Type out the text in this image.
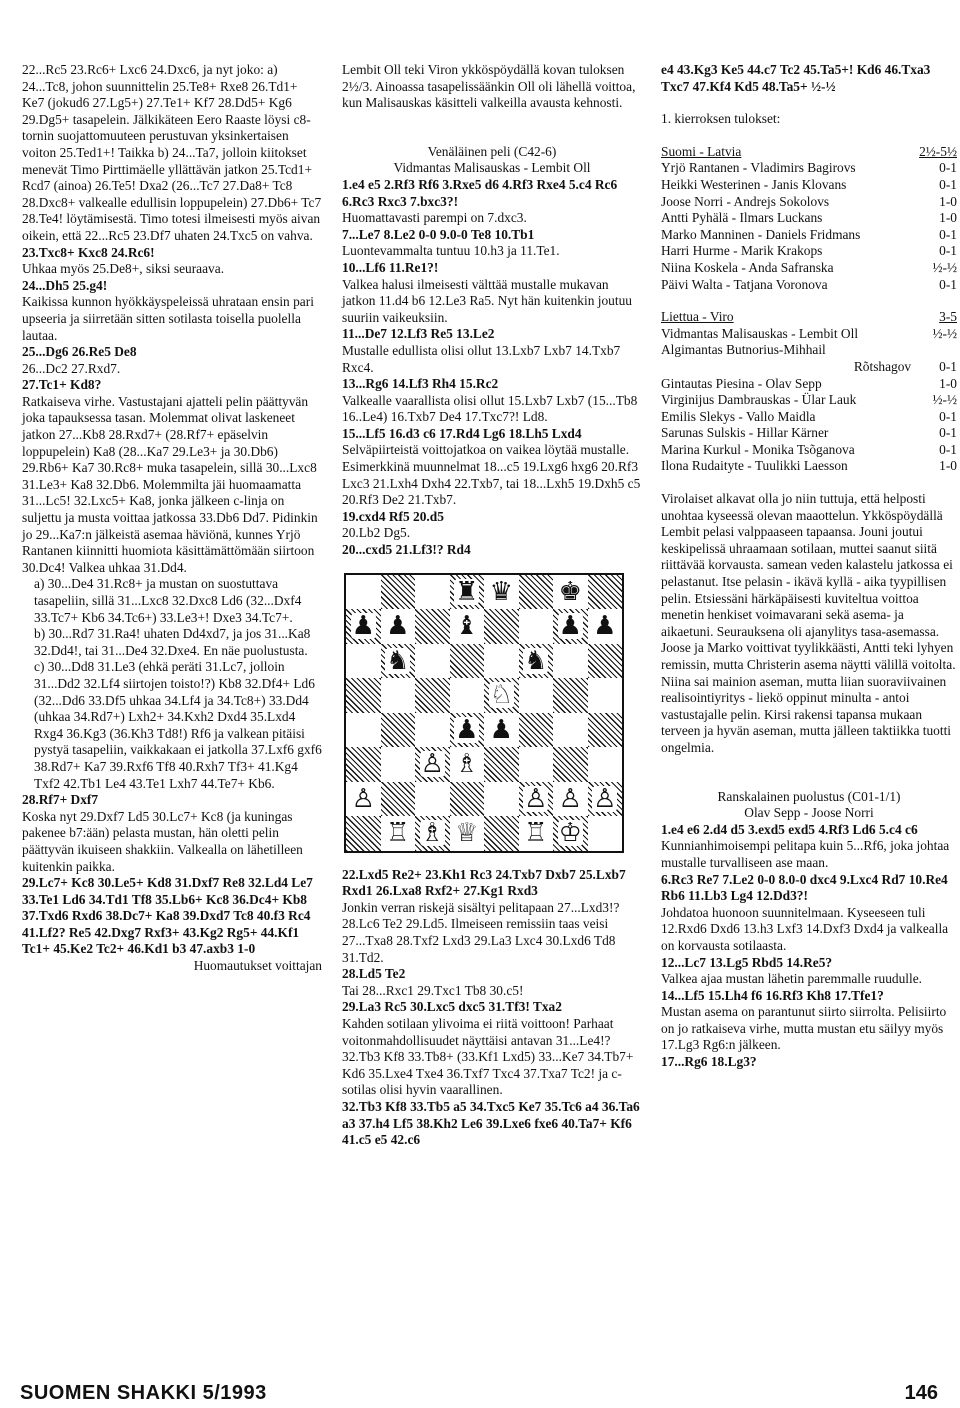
22...Rc5 23.Rc6+ Lxc6 24.Dxc6, ja nyt joko: a) 24...Tc8, johon suunnittelin 25.Te8+ Rxe8 26.Td1+ Ke7 (jokud6 27.Lg5+) 27.Te1+ Kf7 28.Dd5+ Kg6 29.Dg5+ tasapelein. Jälkikäteen Eero Raaste löysi c8-tornin suojattomuuteen perustuvan yksinkertaisen voiton 25.Ted1+! Taikka b) 24...Ta7, jolloin kiitokset menevät Timo Pirttimäelle yllättävän jatkon 25.Tcd1+ Rcd7 (ainoa) 26.Te5! Dxa2 (26...Tc7 27.Da8+ Tc8 28.Dxc8+ valkealle edullisin loppupelein) 27.Db6+ Tc7 28.Te4! löytämisestä. Timo totesi ilmeisesti myös aivan oikein, että 22...Rc5 23.Df7 uhaten 24.Txc5 on vahva.

23.Txc8+ Kxc8 24.Rc6!

Uhkaa myös 25.De8+, siksi seuraava.

24...Dh5 25.g4!

Kaikissa kunnon hyökkäyspeleissä uhrataan ensin pari upseeria ja siirretään sitten sotilasta toisella puolella lautaa.

25...Dg6 26.Re5 De8

26...Dc2 27.Rxd7.

27.Tc1+ Kd8?

Ratkaiseva virhe. Vastustajani ajatteli pelin päättyvän joka tapauksessa tasan. Molemmat olivat laskeneet jatkon 27...Kb8 28.Rxd7+ (28.Rf7+ epäselvin loppupelein) Ka8 (28...Ka7 29.Le3+ ja 30.Db6) 29.Rb6+ Ka7 30.Rc8+ muka tasapelein, sillä 30...Lxc8 31.Le3+ Ka8 32.Db6. Molemmilta jäi huomaamatta 31...Lc5! 32.Lxc5+ Ka8, jonka jälkeen c-linja on suljettu ja musta voittaa jatkossa 33.Db6 Dd7. Pidinkin jo 29...Ka7:n jälkeistä asemaa häviönä, kunnes Yrjö Rantanen kiinnitti huomiota käsittämättömään siirtoon 30.Dc4! Valkea uhkaa 31.Dd4.

a) 30...De4 31.Rc8+ ja mustan on suostuttava tasapeliin, sillä 31...Lxc8 32.Dxc8 Ld6 (32...Dxf4 33.Tc7+ Kb6 34.Tc6+) 33.Le3+! Dxe3 34.Tc7+.

b) 30...Rd7 31.Ra4! uhaten Dd4xd7, ja jos 31...Ka8 32.Dd4!, tai 31...De4 32.Dxe4. En näe puolustusta.

c) 30...Dd8 31.Le3 (ehkä peräti 31.Lc7, jolloin 31...Dd2 32.Lf4 siirtojen toisto!?) Kb8 32.Df4+ Ld6 (32...Dd6 33.Df5 uhkaa 34.Lf4 ja 34.Tc8+) 33.Dd4 (uhkaa 34.Rd7+) Lxh2+ 34.Kxh2 Dxd4 35.Lxd4 Rxg4 36.Kg3 (36.Kh3 Td8!) Rf6 ja valkean pitäisi pystyä tasapeliin, vaikkakaan ei jatkolla 37.Lxf6 gxf6 38.Rd7+ Ka7 39.Rxf6 Tf8 40.Rxh7 Tf3+ 41.Kg4 Txf2 42.Tb1 Le4 43.Te1 Lxh7 44.Te7+ Kb6.

28.Rf7+ Dxf7

Koska nyt 29.Dxf7 Ld5 30.Lc7+ Kc8 (ja kuningas pakenee b7:ään) pelasta mustan, hän oletti pelin päättyvän ikuiseen shakkiin. Valkealla on lähetilleen kuitenkin paikka.

29.Lc7+ Kc8 30.Le5+ Kd8 31.Dxf7 Re8 32.Ld4 Le7 33.Te1 Ld6 34.Td1 Tf8 35.Lb6+ Kc8 36.Dc4+ Kb8 37.Txd6 Rxd6 38.Dc7+ Ka8 39.Dxd7 Tc8 40.f3 Rc4 41.Lf2? Re5 42.Dxg7 Rxf3+ 43.Kg2 Rg5+ 44.Kf1 Tc1+ 45.Ke2 Tc2+ 46.Kd1 b3 47.axb3 1-0

Huomautukset voittajan

Lembit Oll teki Viron ykköspöydällä kovan tuloksen 2½/3. Ainoassa tasapelissäänkin Oll oli lähellä voittoa, kun Malisauskas käsitteli valkeilla avausta kehnosti.

Venäläinen peli (C42-6)

Vidmantas Malisauskas - Lembit Oll

1.e4 e5 2.Rf3 Rf6 3.Rxe5 d6 4.Rf3 Rxe4 5.c4 Rc6 6.Rc3 Rxc3 7.bxc3?!

Huomattavasti parempi on 7.dxc3.

7...Le7 8.Le2 0-0 9.0-0 Te8 10.Tb1

Luontevammalta tuntuu 10.h3 ja 11.Te1.

10...Lf6 11.Re1?!

Valkea halusi ilmeisesti välttää mustalle mukavan jatkon 11.d4 b6 12.Le3 Ra5. Nyt hän kuitenkin joutuu suuriin vaikeuksiin.

11...De7 12.Lf3 Re5 13.Le2

Mustalle edullista olisi ollut 13.Lxb7 Lxb7 14.Txb7 Rxc4.

13...Rg6 14.Lf3 Rh4 15.Rc2

Valkealle vaarallista olisi ollut 15.Lxb7 Lxb7 (15...Tb8 16..Le4) 16.Txb7 De4 17.Txc7?! Ld8.

15...Lf5 16.d3 c6 17.Rd4 Lg6 18.Lh5 Lxd4

Selväpiirteistä voittojatkoa on vaikea löytää mustalle. Esimerkkinä muunnelmat 18...c5 19.Lxg6 hxg6 20.Rf3 Lxc3 21.Lxh4 Dxh4 22.Txb7, tai 18...Lxh5 19.Dxh5 c5 20.Rf3 De2 21.Txb7.

19.cxd4 Rf5 20.d5

20.Lb2 Dg5.

20...cxd5 21.Lf3!? Rd4

♜ ♛ ♚
♟ ♟ ♝	♟ ♟
♞	♞
♘
♟ ♟
♙ ♗
♙	♙ ♙ ♙
♖ ♗ ♕ ♖ ♔

22.Lxd5 Re2+ 23.Kh1 Rc3 24.Txb7 Dxb7 25.Lxb7 Rxd1 26.Lxa8 Rxf2+ 27.Kg1 Rxd3

Jonkin verran riskejä sisältyi pelitapaan 27...Lxd3!? 28.Lc6 Te2 29.Ld5. Ilmeiseen remissiin taas veisi 27...Txa8 28.Txf2 Lxd3 29.La3 Lxc4 30.Lxd6 Td8 31.Td2.

28.Ld5 Te2

Tai 28...Rxc1 29.Txc1 Tb8 30.c5!

29.La3 Rc5 30.Lxc5 dxc5 31.Tf3! Txa2

Kahden sotilaan ylivoima ei riitä voittoon! Parhaat voitonmahdollisuudet näyttäisi antavan 31...Le4!? 32.Tb3 Kf8 33.Tb8+ (33.Kf1 Lxd5) 33...Ke7 34.Tb7+ Kd6 35.Lxe4 Txe4 36.Txf7 Txc4 37.Txa7 Tc2! ja c-sotilas olisi hyvin vaarallinen.

32.Tb3 Kf8 33.Tb5 a5 34.Txc5 Ke7 35.Tc6 a4 36.Ta6 a3 37.h4 Lf5 38.Kh2 Le6 39.Lxe6 fxe6 40.Ta7+ Kf6 41.c5 e5 42.c6

e4 43.Kg3 Ke5 44.c7 Tc2 45.Ta5+! Kd6 46.Txa3 Txc7 47.Kf4 Kd5 48.Ta5+ ½-½

1. kierroksen tulokset:

Suomi - Latvia	2½-5½
Yrjö Rantanen - Vladimirs Bagirovs	0-1
Heikki Westerinen - Janis Klovans	0-1
Joose Norri - Andrejs Sokolovs	1-0
Antti Pyhälä - Ilmars Luckans	1-0
Marko Manninen - Daniels Fridmans	0-1
Harri Hurme - Marik Krakops	0-1
Niina Koskela - Anda Safranska	½-½
Päivi Walta - Tatjana Voronova	0-1
Liettua - Viro	3-5
Vidmantas Malisauskas - Lembit Oll	½-½
Algimantas Butnorius-Mihhail
Rõtshagov	0-1
Gintautas Piesina - Olav Sepp	1-0
Virginijus Dambrauskas - Ülar Lauk	½-½
Emilis Slekys - Vallo Maidla	0-1
Sarunas Sulskis - Hillar Kärner	0-1
Marina Kurkul - Monika Tsõganova	0-1
Ilona Rudaityte - Tuulikki Laesson	1-0

Virolaiset alkavat olla jo niin tuttuja, että helposti unohtaa kyseessä olevan maaottelun. Ykköspöydällä Lembit pelasi valppaaseen tapaansa. Jouni joutui keskipelissä uhraamaan sotilaan, muttei saanut siitä riittävää korvausta. samean veden kalastelu jatkossa ei pelastanut. Itse pelasin - ikävä kyllä - aika tyypillisen pelin. Etsiessäni härkäpäisesti kuviteltua voittoa menetin henkiset voimavarani sekä asema- ja aikaetuni. Seurauksena oli ajanylitys tasa-asemassa. Joose ja Marko voittivat tyylikkäästi, Antti teki lyhyen remissin, mutta Christerin asema näytti välillä voitolta. Niina sai mainion aseman, mutta liian suoraviivainen realisointiyritys - liekö oppinut minulta - antoi vastustajalle pelin. Kirsi rakensi tapansa mukaan terveen ja hyvän aseman, mutta jälleen taktiikka tuotti ongelmia.

Ranskalainen puolustus (C01-1/1)

Olav Sepp - Joose Norri

1.e4 e6 2.d4 d5 3.exd5 exd5 4.Rf3 Ld6 5.c4 c6

Kunnianhimoisempi pelitapa kuin 5...Rf6, joka johtaa mustalle turvalliseen ase maan.

6.Rc3 Re7 7.Le2 0-0 8.0-0 dxc4 9.Lxc4 Rd7 10.Re4 Rb6 11.Lb3 Lg4 12.Dd3?!

Johdatoa huonoon suunnitelmaan. Kyseeseen tuli 12.Rxd6 Dxd6 13.h3 Lxf3 14.Dxf3 Dxd4 ja valkealla on korvausta sotilaasta.

12...Lc7 13.Lg5 Rbd5 14.Re5?

Valkea ajaa mustan lähetin paremmalle ruudulle.

14...Lf5 15.Lh4 f6 16.Rf3 Kh8 17.Tfe1?

Mustan asema on parantunut siirto siirrolta. Pelisiirto on jo ratkaiseva virhe, mutta mustan etu säilyy myös 17.Lg3 Rg6:n jälkeen.

17...Rg6 18.Lg3?

SUOMEN SHAKKI 5/1993	146
